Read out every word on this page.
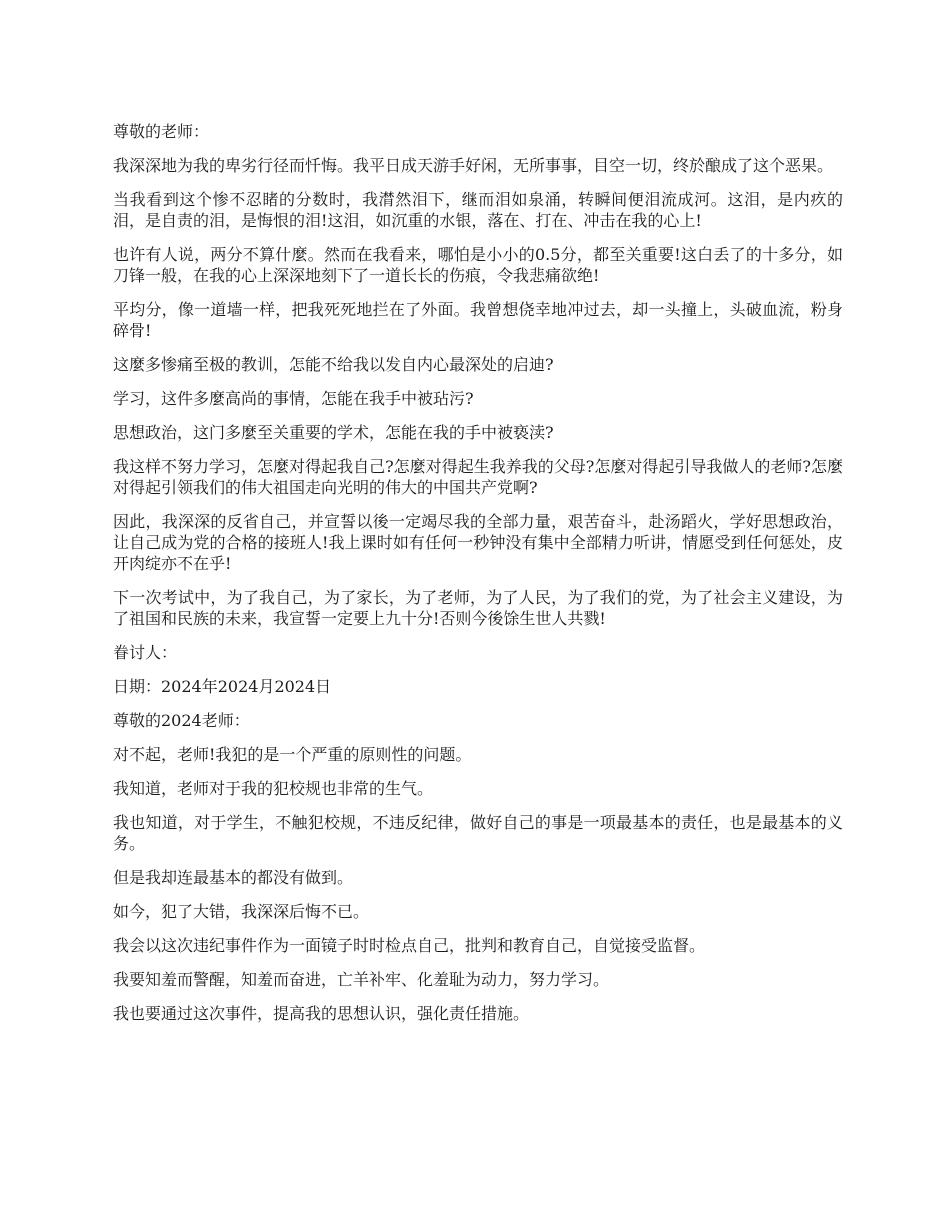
尊敬的老师：

我深深地为我的卑劣行径而忏悔。我平日成天游手好闲，无所事事，目空一切，终於酿成了这个恶果。

当我看到这个惨不忍睹的分数时，我潸然泪下，继而泪如泉涌，转瞬间便泪流成河。这泪，是内疚的泪，是自责的泪，是悔恨的泪!这泪，如沉重的水银，落在、打在、冲击在我的心上!

也许有人说，两分不算什麼。然而在我看来，哪怕是小小的0.5分，都至关重要!这白丢了的十多分，如刀锋一般，在我的心上深深地刻下了一道长长的伤痕，令我悲痛欲绝!

平均分，像一道墙一样，把我死死地拦在了外面。我曾想侥幸地冲过去，却一头撞上，头破血流，粉身碎骨!

这麼多惨痛至极的教训，怎能不给我以发自内心最深处的启迪?

学习，这件多麼高尚的事情，怎能在我手中被玷污?

思想政治，这门多麼至关重要的学术，怎能在我的手中被亵渎?

我这样不努力学习，怎麼对得起我自己?怎麼对得起生我养我的父母?怎麼对得起引导我做人的老师?怎麼对得起引领我们的伟大祖国走向光明的伟大的中国共产党啊?

因此，我深深的反省自己，并宣誓以後一定竭尽我的全部力量，艰苦奋斗，赴汤蹈火，学好思想政治，让自己成为党的合格的接班人!我上课时如有任何一秒钟没有集中全部精力听讲，情愿受到任何惩处，皮开肉绽亦不在乎!

下一次考试中，为了我自己，为了家长，为了老师，为了人民，为了我们的党，为了社会主义建设，为了祖国和民族的未来，我宣誓一定要上九十分!否则今後馀生世人共戮!

眷讨人：

日期：2024年2024月2024日

尊敬的2024老师：

对不起，老师!我犯的是一个严重的原则性的问题。

我知道，老师对于我的犯校规也非常的生气。

我也知道，对于学生，不触犯校规，不违反纪律，做好自己的事是一项最基本的责任，也是最基本的义务。

但是我却连最基本的都没有做到。

如今，犯了大错，我深深后悔不已。

我会以这次违纪事件作为一面镜子时时检点自己，批判和教育自己，自觉接受监督。

我要知羞而警醒，知羞而奋进，亡羊补牢、化羞耻为动力，努力学习。

我也要通过这次事件，提高我的思想认识，强化责任措施。
